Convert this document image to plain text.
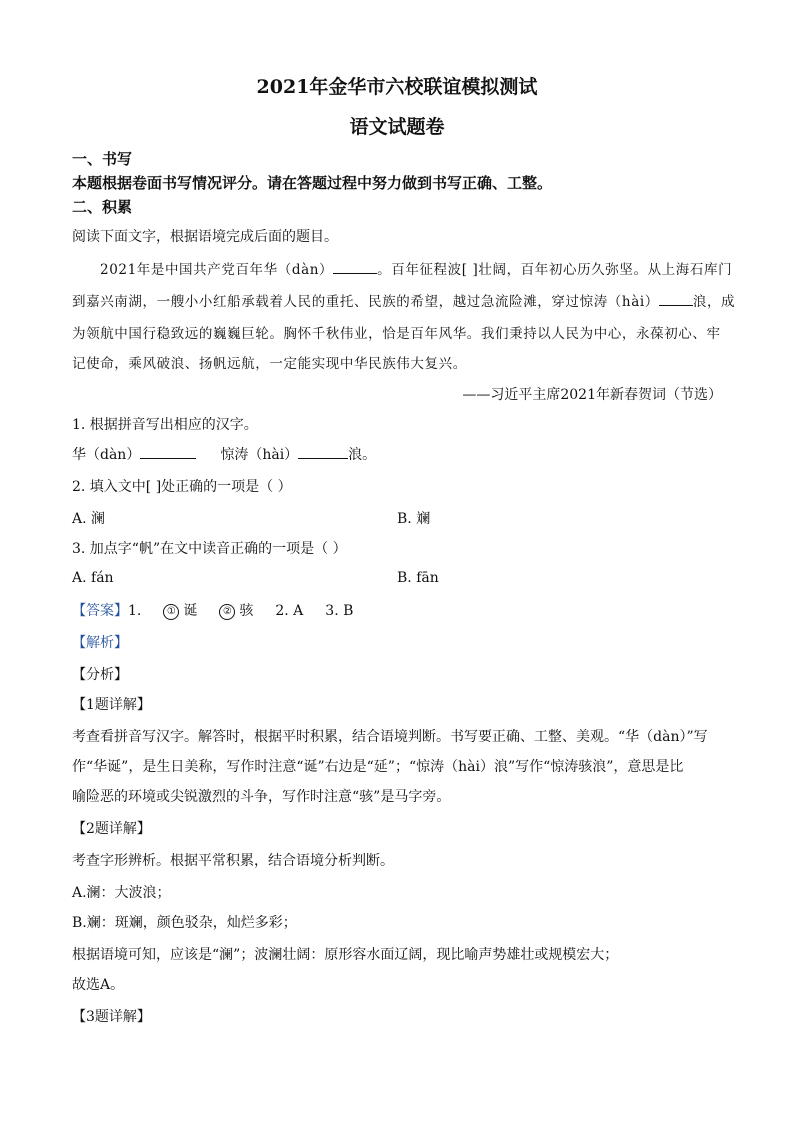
2021年金华市六校联谊模拟测试
语文试题卷
一、书写
本题根据卷面书写情况评分。请在答题过程中努力做到书写正确、工整。
二、积累
阅读下面文字，根据语境完成后面的题目。
2021年是中国共产党百年华（dàn）	。百年征程波[ ]壮阔，百年初心历久弥坚。从上海石库门
到嘉兴南湖，一艘小小红船承载着人民的重托、民族的希望，越过急流险滩，穿过惊涛（hài）	浪，成
为领航中国行稳致远的巍巍巨轮。胸怀千秋伟业，恰是百年风华。我们秉持以人民为中心，永葆初心、牢
记使命，乘风破浪、扬帆远航，一定能实现中华民族伟大复兴。
——习近平主席2021年新春贺词（节选）
1. 根据拼音写出相应的汉字。
华（dàn）	惊涛（hài）	浪。
2. 填入文中[ ]处正确的一项是（ ）
A. 澜	B. 斓
3. 加点字“帆”在文中读音正确的一项是（ ）
A. fán	B. fān
【答案】1.	① 诞	② 骇 2. A 3. B
【解析】
【分析】
【1题详解】
考查看拼音写汉字。解答时，根据平时积累，结合语境判断。书写要正确、工整、美观。“华（dàn）”写
作“华诞”，是生日美称，写作时注意“诞”右边是“延”；“惊涛（hài）浪”写作“惊涛骇浪”，意思是比
喻险恶的环境或尖锐激烈的斗争，写作时注意“骇”是马字旁。
【2题详解】
考查字形辨析。根据平常积累，结合语境分析判断。
A.澜：大波浪；
B.斓：斑斓，颜色驳杂，灿烂多彩；
根据语境可知，应该是“澜”；波澜壮阔：原形容水面辽阔，现比喻声势雄壮或规模宏大；
故选A。
【3题详解】
